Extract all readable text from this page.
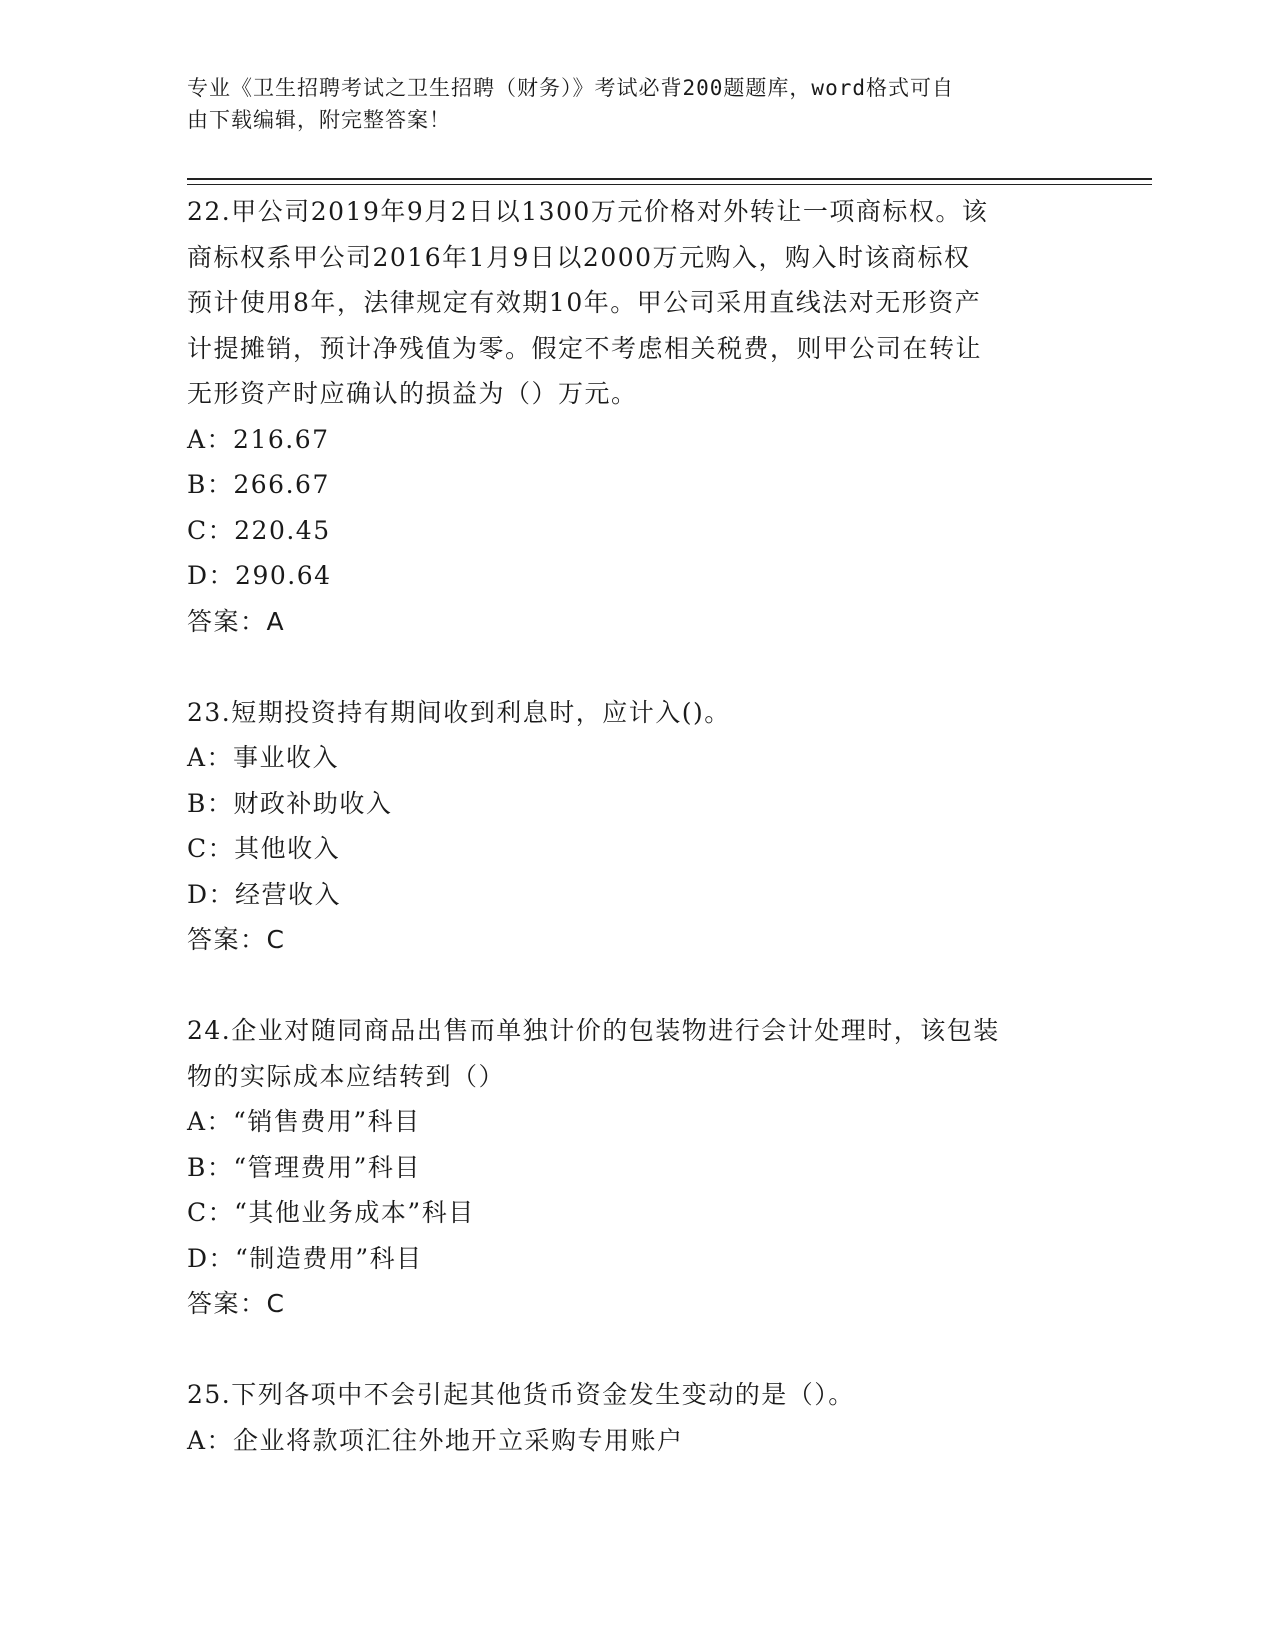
专业《卫生招聘考试之卫生招聘（财务）》考试必背200题题库，word格式可自
由下载编辑，附完整答案！
22.甲公司2019年9月2日以1300万元价格对外转让一项商标权。该
商标权系甲公司2016年1月9日以2000万元购入，购入时该商标权
预计使用8年，法律规定有效期10年。甲公司采用直线法对无形资产
计提摊销，预计净残值为零。假定不考虑相关税费，则甲公司在转让
无形资产时应确认的损益为（）万元。
A：216.67
B：266.67
C：220.45
D：290.64
答案：A
23.短期投资持有期间收到利息时，应计入()。
A：事业收入
B：财政补助收入
C：其他收入
D：经营收入
答案：C
24.企业对随同商品出售而单独计价的包装物进行会计处理时，该包装
物的实际成本应结转到（）
A：“销售费用”科目
B：“管理费用”科目
C：“其他业务成本”科目
D：“制造费用”科目
答案：C
25.下列各项中不会引起其他货币资金发生变动的是（）。
A：企业将款项汇往外地开立采购专用账户
